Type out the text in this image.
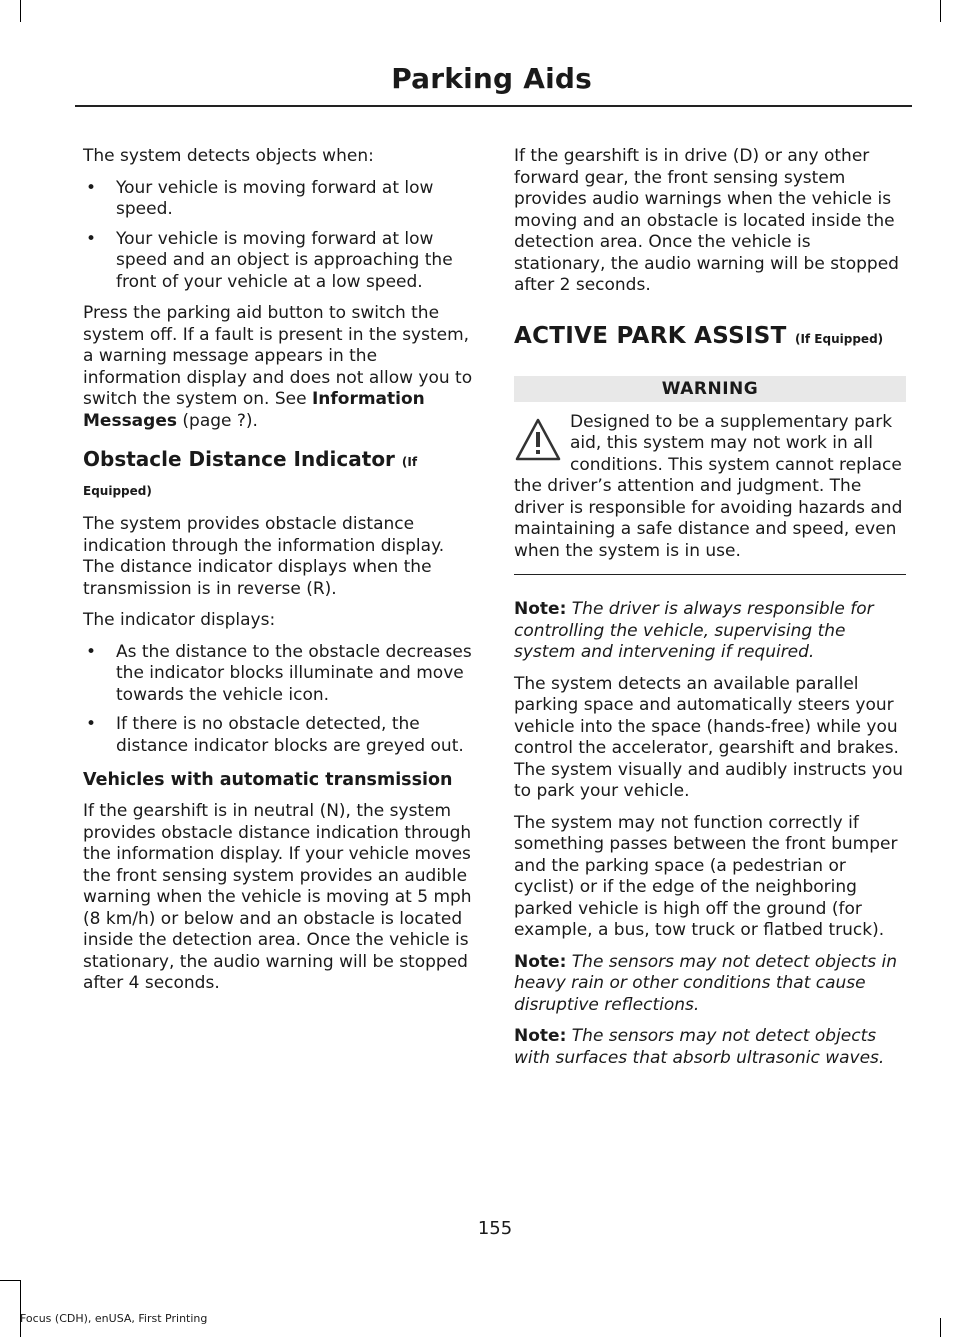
Parking Aids

The system detects objects when:

• Your vehicle is moving forward at low speed.
• Your vehicle is moving forward at low speed and an object is approaching the front of your vehicle at a low speed.

Press the parking aid button to switch the system off. If a fault is present in the system, a warning message appears in the information display and does not allow you to switch the system on. See Information Messages (page ?).

Obstacle Distance Indicator (If Equipped)

The system provides obstacle distance indication through the information display. The distance indicator displays when the transmission is in reverse (R).

The indicator displays:

• As the distance to the obstacle decreases the indicator blocks illuminate and move towards the vehicle icon.
• If there is no obstacle detected, the distance indicator blocks are greyed out.
Vehicles with automatic transmission

If the gearshift is in neutral (N), the system provides obstacle distance indication through the information display. If your vehicle moves the front sensing system provides an audible warning when the vehicle is moving at 5 mph (8 km/h) or below and an obstacle is located inside the detection area. Once the vehicle is stationary, the audio warning will be stopped after 4 seconds.

If the gearshift is in drive (D) or any other forward gear, the front sensing system provides audio warnings when the vehicle is moving and an obstacle is located inside the detection area. Once the vehicle is stationary, the audio warning will be stopped after 2 seconds.

ACTIVE PARK ASSIST (If Equipped)
WARNING
Designed to be a supplementary park aid, this system may not work in all conditions. This system cannot replace the driver’s attention and judgment. The driver is responsible for avoiding hazards and maintaining a safe distance and speed, even when the system is in use.

Note: The driver is always responsible for controlling the vehicle, supervising the system and intervening if required.

The system detects an available parallel parking space and automatically steers your vehicle into the space (hands-free) while you control the accelerator, gearshift and brakes. The system visually and audibly instructs you to park your vehicle.

The system may not function correctly if something passes between the front bumper and the parking space (a pedestrian or cyclist) or if the edge of the neighboring parked vehicle is high off the ground (for example, a bus, tow truck or flatbed truck).

Note: The sensors may not detect objects in heavy rain or other conditions that cause disruptive reflections.

Note: The sensors may not detect objects with surfaces that absorb ultrasonic waves.

155
Focus (CDH), enUSA, First Printing
